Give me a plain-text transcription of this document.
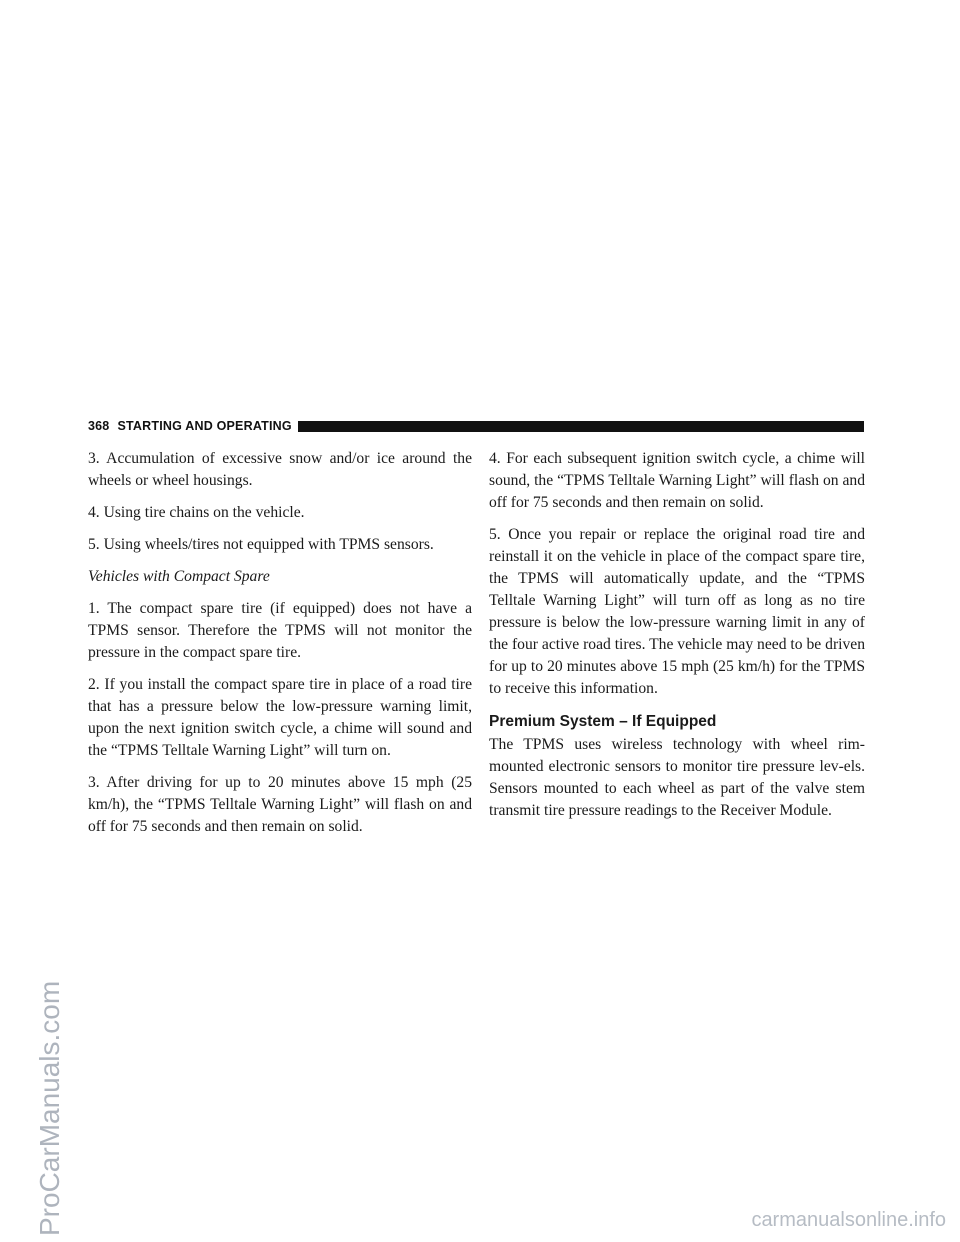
368 STARTING AND OPERATING

3. Accumulation of excessive snow and/or ice around the wheels or wheel housings.

4. Using tire chains on the vehicle.

5. Using wheels/tires not equipped with TPMS sensors.

Vehicles with Compact Spare

1. The compact spare tire (if equipped) does not have a TPMS sensor. Therefore the TPMS will not monitor the pressure in the compact spare tire.

2. If you install the compact spare tire in place of a road tire that has a pressure below the low-pressure warning limit, upon the next ignition switch cycle, a chime will sound and the “TPMS Telltale Warning Light” will turn on.

3. After driving for up to 20 minutes above 15 mph (25 km/h), the “TPMS Telltale Warning Light” will flash on and off for 75 seconds and then remain on solid.

4. For each subsequent ignition switch cycle, a chime will sound, the “TPMS Telltale Warning Light” will flash on and off for 75 seconds and then remain on solid.

5. Once you repair or replace the original road tire and reinstall it on the vehicle in place of the compact spare tire, the TPMS will automatically update, and the “TPMS Telltale Warning Light” will turn off as long as no tire pressure is below the low-pressure warning limit in any of the four active road tires. The vehicle may need to be driven for up to 20 minutes above 15 mph (25 km/h) for the TPMS to receive this information.

Premium System – If Equipped

The TPMS uses wireless technology with wheel rim-mounted electronic sensors to monitor tire pressure lev-els. Sensors mounted to each wheel as part of the valve stem transmit tire pressure readings to the Receiver Module.

ProCarManuals.com	carmanualsonline.info
